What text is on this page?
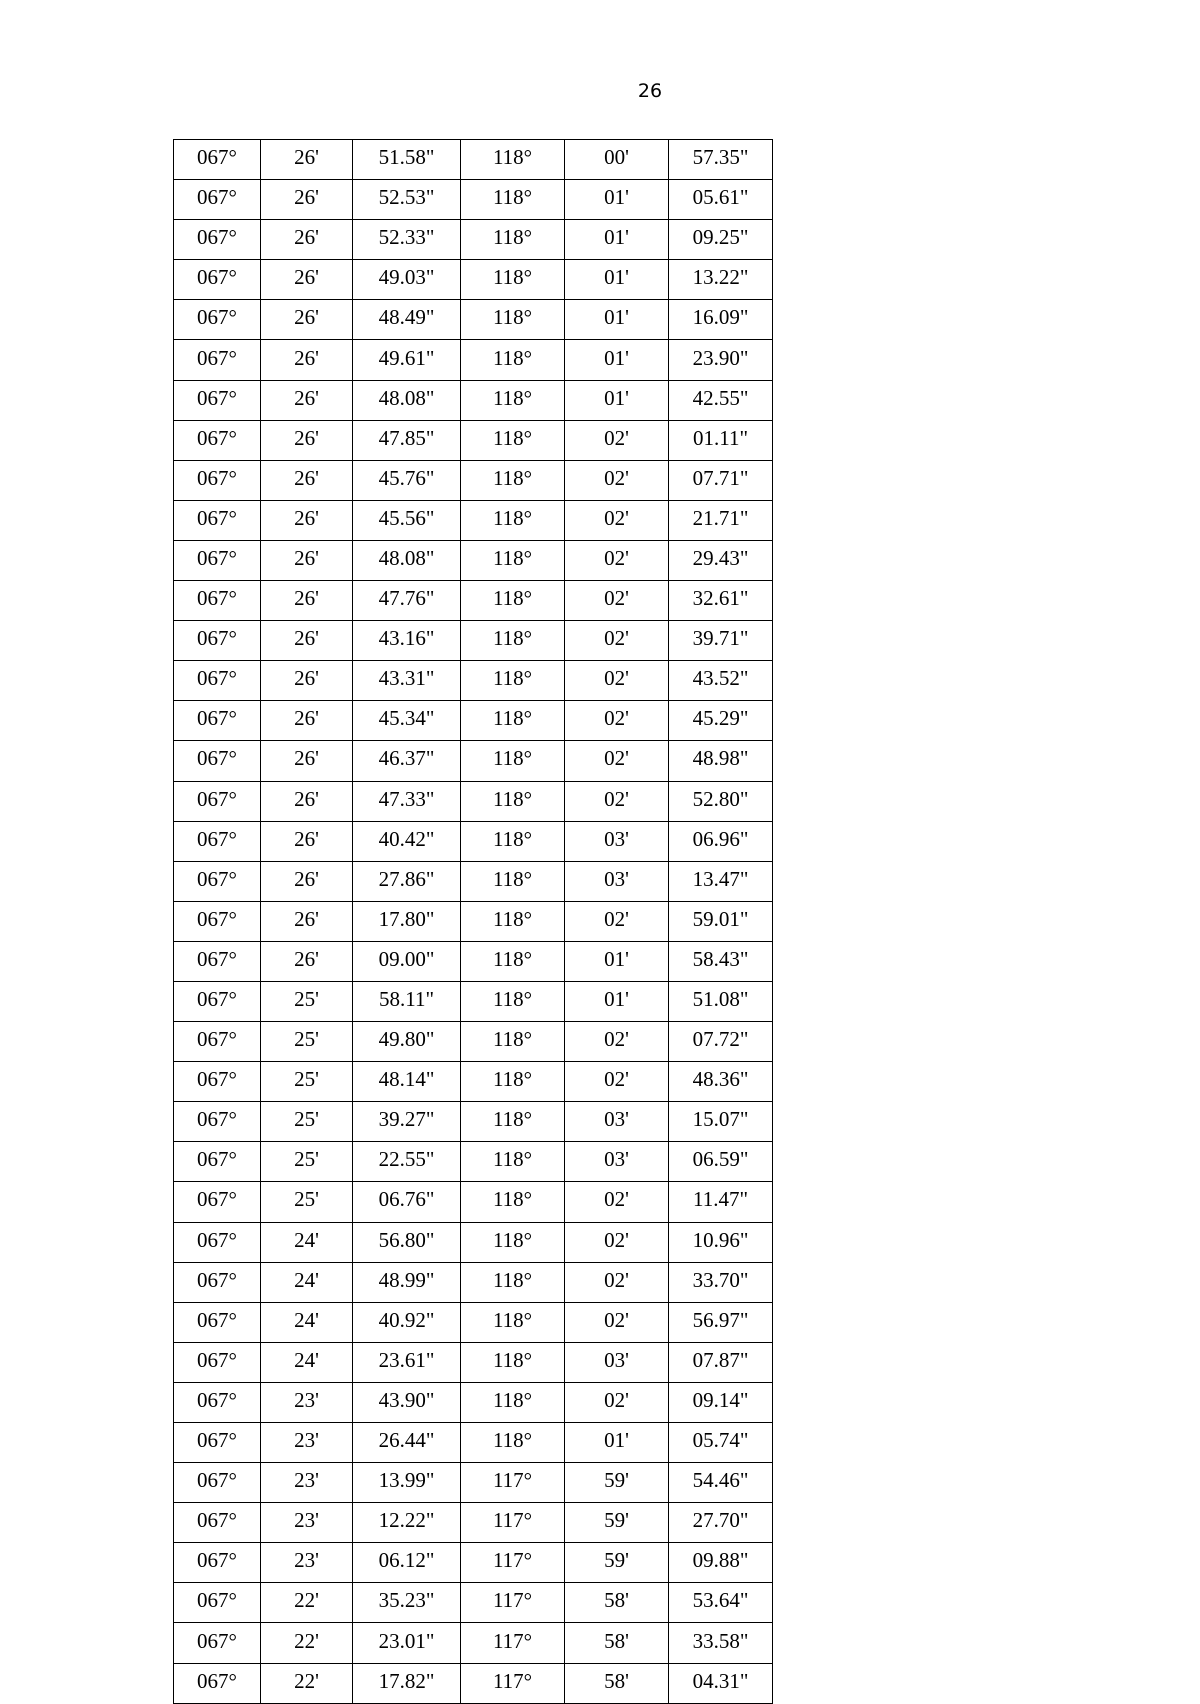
26
067°	26'	51.58"	118°	00'	57.35"
067°	26'	52.53"	118°	01'	05.61"
067°	26'	52.33"	118°	01'	09.25"
067°	26'	49.03"	118°	01'	13.22"
067°	26'	48.49"	118°	01'	16.09"
067°	26'	49.61"	118°	01'	23.90"
067°	26'	48.08"	118°	01'	42.55"
067°	26'	47.85"	118°	02'	01.11"
067°	26'	45.76"	118°	02'	07.71"
067°	26'	45.56"	118°	02'	21.71"
067°	26'	48.08"	118°	02'	29.43"
067°	26'	47.76"	118°	02'	32.61"
067°	26'	43.16"	118°	02'	39.71"
067°	26'	43.31"	118°	02'	43.52"
067°	26'	45.34"	118°	02'	45.29"
067°	26'	46.37"	118°	02'	48.98"
067°	26'	47.33"	118°	02'	52.80"
067°	26'	40.42"	118°	03'	06.96"
067°	26'	27.86"	118°	03'	13.47"
067°	26'	17.80"	118°	02'	59.01"
067°	26'	09.00"	118°	01'	58.43"
067°	25'	58.11"	118°	01'	51.08"
067°	25'	49.80"	118°	02'	07.72"
067°	25'	48.14"	118°	02'	48.36"
067°	25'	39.27"	118°	03'	15.07"
067°	25'	22.55"	118°	03'	06.59"
067°	25'	06.76"	118°	02'	11.47"
067°	24'	56.80"	118°	02'	10.96"
067°	24'	48.99"	118°	02'	33.70"
067°	24'	40.92"	118°	02'	56.97"
067°	24'	23.61"	118°	03'	07.87"
067°	23'	43.90"	118°	02'	09.14"
067°	23'	26.44"	118°	01'	05.74"
067°	23'	13.99"	117°	59'	54.46"
067°	23'	12.22"	117°	59'	27.70"
067°	23'	06.12"	117°	59'	09.88"
067°	22'	35.23"	117°	58'	53.64"
067°	22'	23.01"	117°	58'	33.58"
067°	22'	17.82"	117°	58'	04.31"
